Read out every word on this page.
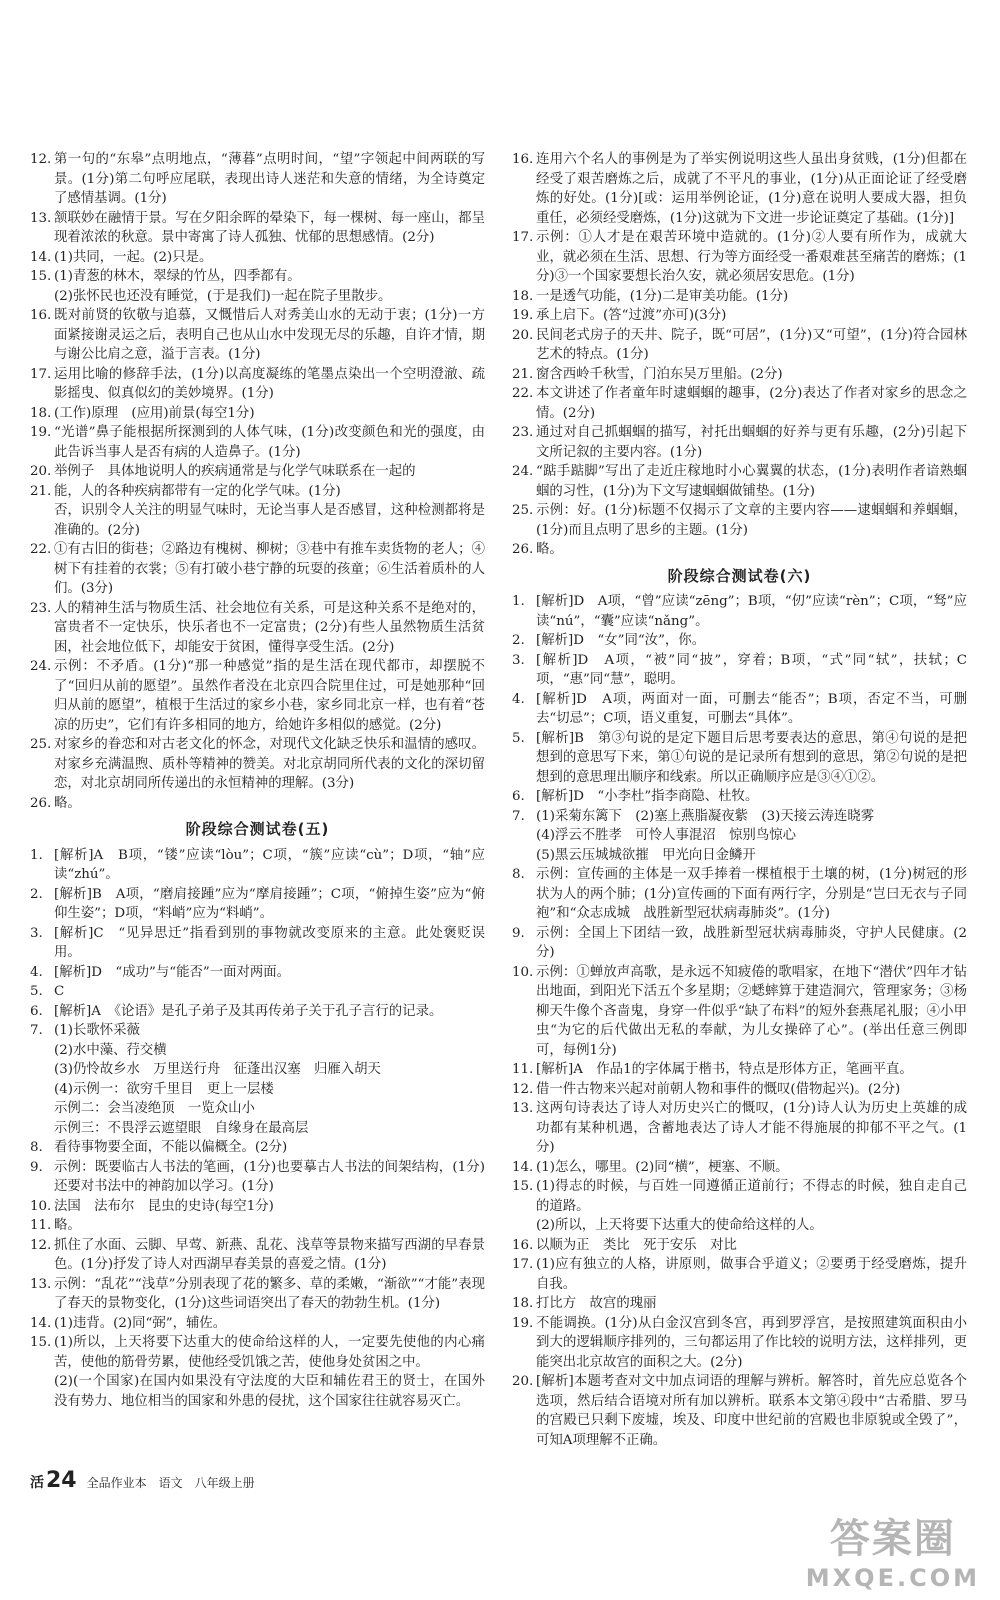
12. 第一句的“东皋”点明地点，“薄暮”点明时间，“望”字领起中间两联的写景。(1分)第二句呼应尾联，表现出诗人迷茫和失意的情绪，为全诗奠定了感情基调。(1分)
13. 颔联妙在融情于景。写在夕阳余晖的晕染下，每一棵树、每一座山，都呈现着浓浓的秋意。景中寄寓了诗人孤独、忧郁的思想感情。(2分)
14. (1)共同，一起。(2)只是。
15. (1)青葱的林木，翠绿的竹丛，四季都有。
(2)张怀民也还没有睡觉，(于是我们)一起在院子里散步。
16. 既对前贤的钦敬与追慕，又慨惜后人对秀美山水的无动于衷；(1分)一方面紧接谢灵运之后，表明自己也从山水中发现无尽的乐趣，自许才情，期与谢公比肩之意，溢于言表。(1分)
17. 运用比喻的修辞手法，(1分)以高度凝练的笔墨点染出一个空明澄澈、疏影摇曳、似真似幻的美妙境界。(1分)
18. (工作)原理　(应用)前景(每空1分)
19. “光谱”鼻子能根据所探测到的人体气味，(1分)改变颜色和光的强度，由此告诉当事人是否有病的人造鼻子。(1分)
20. 举例子　具体地说明人的疾病通常是与化学气味联系在一起的
21. 能，人的各种疾病都带有一定的化学气味。(1分)
否，识别令人关注的明显气味时，无论当事人是否感冒，这种检测都将是准确的。(2分)
22. ①有古旧的街巷；②路边有槐树、柳树；③巷中有推车卖货物的老人；④树下有挂着的衣裳；⑤有打破小巷宁静的玩耍的孩童；⑥生活着质朴的人们。(3分)
23. 人的精神生活与物质生活、社会地位有关系，可是这种关系不是绝对的，富贵者不一定快乐，快乐者也不一定富贵；(2分)有些人虽然物质生活贫困，社会地位低下，却能安于贫困，懂得享受生活。(2分)
24. 示例：不矛盾。(1分)“那一种感觉”指的是生活在现代都市，却摆脱不了“回归从前的愿望”。虽然作者没在北京四合院里住过，可是她那种“回归从前的愿望”，植根于生活过的家乡小巷，家乡同北京一样，也有着“苍凉的历史”，它们有许多相同的地方，给她许多相似的感觉。(2分)
25. 对家乡的眷恋和对古老文化的怀念，对现代文化缺乏快乐和温情的感叹。对家乡充满温煦、质朴等精神的赞美。对北京胡同所代表的文化的深切留恋，对北京胡同所传递出的永恒精神的理解。(3分)
26. 略。
阶段综合测试卷(五)
1. [解析]A　B项，“镂”应读“lòu”；C项，“簇”应读“cù”；D项，“轴”应读“zhú”。
2. [解析]B　A项，“磨肩接踵”应为“摩肩接踵”；C项，“俯掉生姿”应为“俯仰生姿”；D项，“料峭”应为“料峭”。
3. [解析]C　“见异思迁”指看到别的事物就改变原来的主意。此处褒贬误用。
4. [解析]D　“成功”与“能否”一面对两面。
5. C
6. [解析]A　《论语》是孔子弟子及其再传弟子关于孔子言行的记录。
7. (1)长歌怀采薇
(2)水中藻、荇交横
(3)仍怜故乡水　万里送行舟　征蓬出汉塞　归雁入胡天
(4)示例一：欲穷千里目　更上一层楼
示例二：会当凌绝顶　一览众山小
示例三：不畏浮云遮望眼　自缘身在最高层
8. 看待事物要全面，不能以偏概全。(2分)
9. 示例：既要临古人书法的笔画，(1分)也要摹古人书法的间架结构，(1分)还要对书法中的神韵加以学习。(1分)
10. 法国　法布尔　昆虫的史诗(每空1分)
11. 略。
12. 抓住了水面、云脚、早莺、新燕、乱花、浅草等景物来描写西湖的早春景色。(1分)抒发了诗人对西湖早春美景的喜爱之情。(1分)
13. 示例：“乱花”“浅草”分别表现了花的繁多、草的柔嫩，“渐欲”“才能”表现了春天的景物变化，(1分)这些词语突出了春天的勃勃生机。(1分)
14. (1)违背。(2)同“弼”，辅佐。
15. (1)所以，上天将要下达重大的使命给这样的人，一定要先使他的内心痛苦，使他的筋骨劳累，使他经受饥饿之苦，使他身处贫困之中。
(2)(一个国家)在国内如果没有守法度的大臣和辅佐君王的贤士，在国外没有势力、地位相当的国家和外患的侵扰，这个国家往往就容易灭亡。
16. 连用六个名人的事例是为了举实例说明这些人虽出身贫贱，(1分)但都在经受了艰苦磨炼之后，成就了不平凡的事业，(1分)从正面论证了经受磨炼的好处。(1分)[或：运用举例论证，(1分)意在说明人要成大器，担负重任，必须经受磨炼，(1分)这就为下文进一步论证奠定了基础。(1分)]
17. 示例：①人才是在艰苦环境中造就的。(1分)②人要有所作为，成就大业，就必须在生活、思想、行为等方面经受一番艰难甚至痛苦的磨炼；(1分)③一个国家要想长治久安，就必须居安思危。(1分)
18. 一是透气功能，(1分)二是审美功能。(1分)
19. 承上启下。(答“过渡”亦可)(3分)
20. 民间老式房子的天井、院子，既“可居”，(1分)又“可望”，(1分)符合园林艺术的特点。(1分)
21. 窗含西岭千秋雪，门泊东吴万里船。(2分)
22. 本文讲述了作者童年时逮蝈蝈的趣事，(2分)表达了作者对家乡的思念之情。(2分)
23. 通过对自己抓蝈蝈的描写，衬托出蝈蝈的好养与更有乐趣，(2分)引起下文所记叙的主要内容。(1分)
24. “踮手踮脚”写出了走近庄稼地时小心翼翼的状态，(1分)表明作者谙熟蝈蝈的习性，(1分)为下文写逮蝈蝈做铺垫。(1分)
25. 示例：好。(1分)标题不仅揭示了文章的主要内容——逮蝈蝈和养蝈蝈，(1分)而且点明了思乡的主题。(1分)
26. 略。
阶段综合测试卷(六)
1. [解析]D　A项，“曾”应读“zēng”；B项，“仞”应读“rèn”；C项，“驽”应读“nú”，“囊”应读“nǎng”。
2. [解析]D　“女”同“汝”，你。
3. [解析]D　A项，“被”同“披”，穿着；B项，“式”同“轼”，扶轼；C项，“惠”同“慧”，聪明。
4. [解析]D　A项，两面对一面，可删去“能否”；B项，否定不当，可删去“切忌”；C项，语义重复，可删去“具体”。
5. [解析]B　第③句说的是定下题目后思考要表达的意思，第④句说的是把想到的意思写下来，第①句说的是记录所有想到的意思，第②句说的是把想到的意思理出顺序和线索。所以正确顺序应是③④①②。
6. [解析]D　“小李杜”指李商隐、杜牧。
7. (1)采菊东篱下　(2)塞上燕脂凝夜紫　(3)天接云涛连晓雾
(4)浮云不胜孝　可怜人事混沼　惊别鸟惊心
(5)黑云压城城欲摧　甲光向日金鳞开
8. 示例：宣传画的主体是一双手捧着一棵植根于土壤的树，(1分)树冠的形状为人的两个肺；(1分)宣传画的下面有两行字，分别是“岂曰无衣与子同袍”和“众志成城　战胜新型冠状病毒肺炎”。(1分)
9. 示例：全国上下团结一致，战胜新型冠状病毒肺炎，守护人民健康。(2分)
10. 示例：①蝉放声高歌，是永远不知疲倦的歌唱家，在地下“潜伏”四年才钻出地面，到阳光下活五个多星期；②蟋蟀算于建造洞穴，管理家务；③杨柳天牛像个吝啬鬼，身穿一件似乎“缺了布料”的短外套燕尾礼服；④小甲虫“为它的后代做出无私的奉献，为儿女操碎了心”。(举出任意三例即可，每例1分)
11. [解析]A　作品1的字体属于楷书，特点是形体方正，笔画平直。
12. 借一件古物来兴起对前朝人物和事件的慨叹(借物起兴)。(2分)
13. 这两句诗表达了诗人对历史兴亡的慨叹，(1分)诗人认为历史上英雄的成功都有某种机遇，含蓄地表达了诗人才能不得施展的抑郁不平之气。(1分)
14. (1)怎么，哪里。(2)同“横”，梗塞、不顺。
15. (1)得志的时候，与百姓一同遵循正道前行；不得志的时候，独自走自己的道路。
(2)所以，上天将要下达重大的使命给这样的人。
16. 以顺为正　类比　死于安乐　对比
17. (1)应有独立的人格，讲原则，做事合乎道义；②要勇于经受磨炼，提升自我。
18. 打比方　故宫的瑰丽
19. 不能调换。(1分)从白金汉宫到冬宫，再到罗浮宫，是按照建筑面积由小到大的逻辑顺序排列的，三句都运用了作比较的说明方法，这样排列，更能突出北京故宫的面积之大。(2分)
20. [解析]本题考查对文中加点词语的理解与辨析。解答时，首先应总览各个选项，然后结合语境对所有加以辨析。联系本文第④段中“古希腊、罗马的宫殿已只剩下废墟，埃及、印度中世纪前的宫殿也非原貌或全毁了”，可知A项理解不正确。
活 24 全品作业本　语文　八年级上册
答案圈
MXQE.COM
